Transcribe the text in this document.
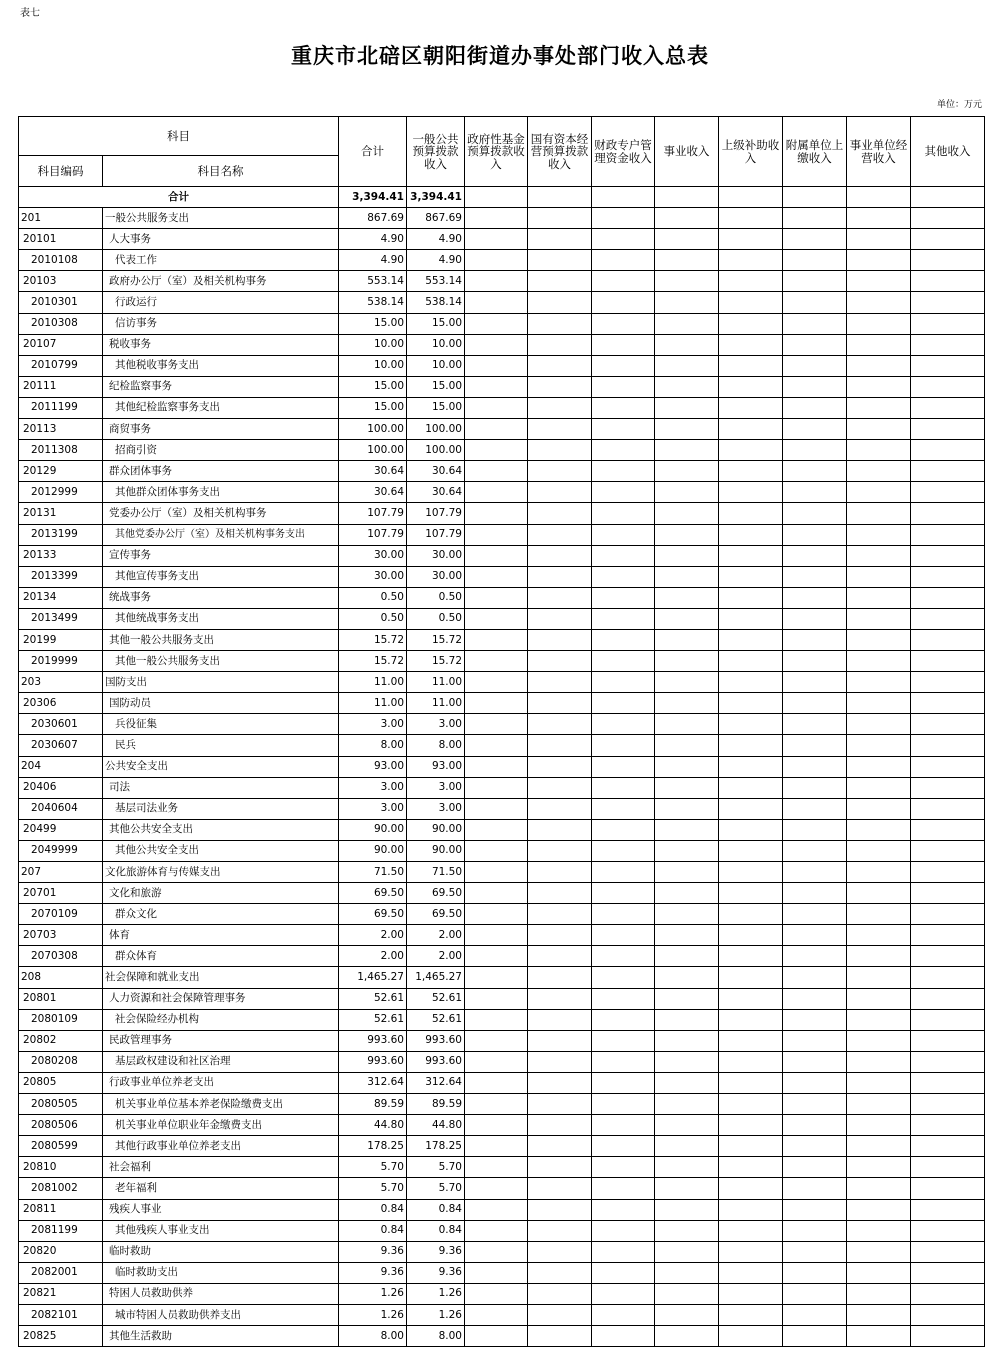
表七
重庆市北碚区朝阳街道办事处部门收入总表
单位：万元
科目		合计	一般公共预算拨款收入	政府性基金预算拨款收入	国有资本经营预算拨款收入	财政专户管理资金收入	事业收入	上级补助收入	附属单位上缴收入	事业单位经营收入	其他收入
科目编码	科目名称										
合计		3,394.41	3,394.41								
201	一般公共服务支出	867.69	867.69								
20101	人大事务	4.90	4.90								
2010108	代表工作	4.90	4.90								
20103	政府办公厅（室）及相关机构事务	553.14	553.14								
2010301	行政运行	538.14	538.14								
2010308	信访事务	15.00	15.00								
20107	税收事务	10.00	10.00								
2010799	其他税收事务支出	10.00	10.00								
20111	纪检监察事务	15.00	15.00								
2011199	其他纪检监察事务支出	15.00	15.00								
20113	商贸事务	100.00	100.00								
2011308	招商引资	100.00	100.00								
20129	群众团体事务	30.64	30.64								
2012999	其他群众团体事务支出	30.64	30.64								
20131	党委办公厅（室）及相关机构事务	107.79	107.79								
2013199	其他党委办公厅（室）及相关机构事务支出	107.79	107.79								
20133	宣传事务	30.00	30.00								
2013399	其他宣传事务支出	30.00	30.00								
20134	统战事务	0.50	0.50								
2013499	其他统战事务支出	0.50	0.50								
20199	其他一般公共服务支出	15.72	15.72								
2019999	其他一般公共服务支出	15.72	15.72								
203	国防支出	11.00	11.00								
20306	国防动员	11.00	11.00								
2030601	兵役征集	3.00	3.00								
2030607	民兵	8.00	8.00								
204	公共安全支出	93.00	93.00								
20406	司法	3.00	3.00								
2040604	基层司法业务	3.00	3.00								
20499	其他公共安全支出	90.00	90.00								
2049999	其他公共安全支出	90.00	90.00								
207	文化旅游体育与传媒支出	71.50	71.50								
20701	文化和旅游	69.50	69.50								
2070109	群众文化	69.50	69.50								
20703	体育	2.00	2.00								
2070308	群众体育	2.00	2.00								
208	社会保障和就业支出	1,465.27	1,465.27								
20801	人力资源和社会保障管理事务	52.61	52.61								
2080109	社会保险经办机构	52.61	52.61								
20802	民政管理事务	993.60	993.60								
2080208	基层政权建设和社区治理	993.60	993.60								
20805	行政事业单位养老支出	312.64	312.64								
2080505	机关事业单位基本养老保险缴费支出	89.59	89.59								
2080506	机关事业单位职业年金缴费支出	44.80	44.80								
2080599	其他行政事业单位养老支出	178.25	178.25								
20810	社会福利	5.70	5.70								
2081002	老年福利	5.70	5.70								
20811	残疾人事业	0.84	0.84								
2081199	其他残疾人事业支出	0.84	0.84								
20820	临时救助	9.36	9.36								
2082001	临时救助支出	9.36	9.36								
20821	特困人员救助供养	1.26	1.26								
2082101	城市特困人员救助供养支出	1.26	1.26								
20825	其他生活救助	8.00	8.00								
